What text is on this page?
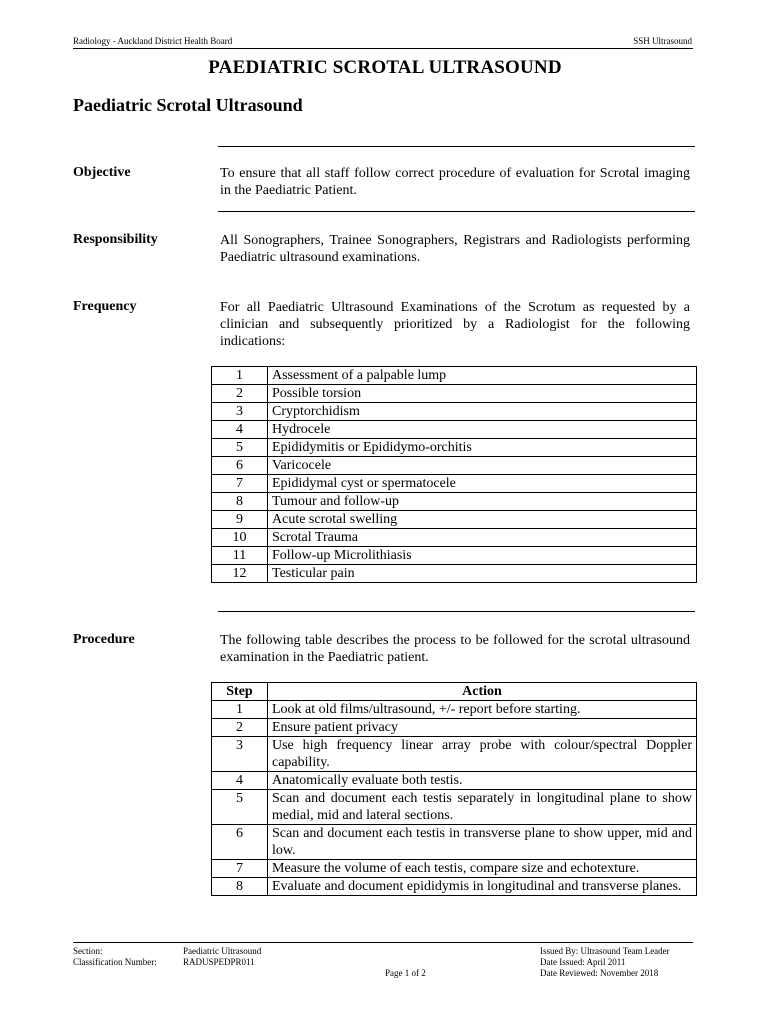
Radiology - Auckland District Health Board	SSH Ultrasound
PAEDIATRIC SCROTAL ULTRASOUND
Paediatric Scrotal Ultrasound
Objective	To ensure that all staff follow correct procedure of evaluation for Scrotal imaging in the Paediatric Patient.
Responsibility	All Sonographers, Trainee Sonographers, Registrars and Radiologists performing Paediatric ultrasound examinations.
Frequency	For all Paediatric Ultrasound Examinations of the Scrotum as requested by a clinician and subsequently prioritized by a Radiologist for the following indications:
1	Assessment of a palpable lump
2	Possible torsion
3	Cryptorchidism
4	Hydrocele
5	Epididymitis or Epididymo-orchitis
6	Varicocele
7	Epididymal cyst or spermatocele
8	Tumour and follow-up
9	Acute scrotal swelling
10	Scrotal Trauma
11	Follow-up Microlithiasis
12	Testicular pain
Procedure	The following table describes the process to be followed for the scrotal ultrasound examination in the Paediatric patient.
Step	Action
1	Look at old films/ultrasound, +/- report before starting.
2	Ensure patient privacy
3	Use high frequency linear array probe with colour/spectral Doppler capability.
4	Anatomically evaluate both testis.
5	Scan and document each testis separately in longitudinal plane to show medial, mid and lateral sections.
6	Scan and document each testis in transverse plane to show upper, mid and low.
7	Measure the volume of each testis, compare size and echotexture.
8	Evaluate and document epididymis in longitudinal and transverse planes.
Section:
Classification Number:
Paediatric Ultrasound
RADUSPEDPR011
Page 1 of 2
Issued By: Ultrasound Team Leader
Date Issued: April 2011
Date Reviewed: November 2018
